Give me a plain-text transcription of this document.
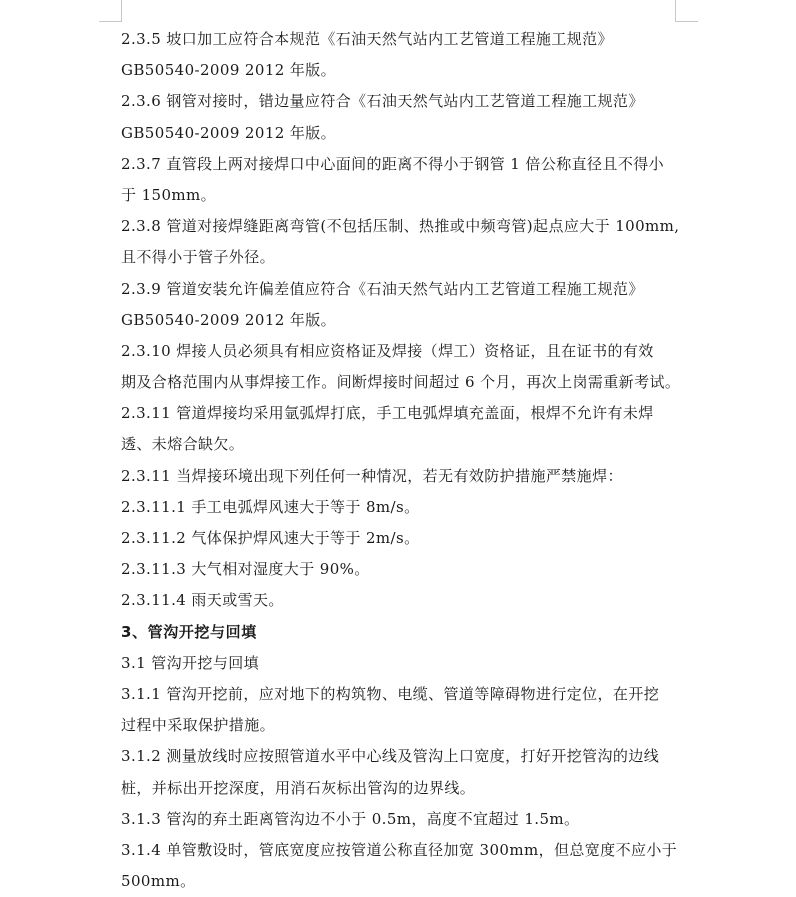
2.3.5 坡口加工应符合本规范《石油天然气站内工艺管道工程施工规范》
GB50540-2009 2012 年版。
2.3.6 钢管对接时，错边量应符合《石油天然气站内工艺管道工程施工规范》
GB50540-2009 2012 年版。
2.3.7 直管段上两对接焊口中心面间的距离不得小于钢管 1 倍公称直径且不得小
于 150mm。
2.3.8 管道对接焊缝距离弯管(不包括压制、热推或中频弯管)起点应大于 100mm,
且不得小于管子外径。
2.3.9 管道安装允许偏差值应符合《石油天然气站内工艺管道工程施工规范》
GB50540-2009 2012 年版。
2.3.10 焊接人员必须具有相应资格证及焊接（焊工）资格证，且在证书的有效
期及合格范围内从事焊接工作。间断焊接时间超过 6 个月，再次上岗需重新考试。
2.3.11 管道焊接均采用氩弧焊打底，手工电弧焊填充盖面，根焊不允许有未焊
透、未熔合缺欠。
2.3.11 当焊接环境出现下列任何一种情况，若无有效防护措施严禁施焊：
2.3.11.1 手工电弧焊风速大于等于 8m/s。
2.3.11.2 气体保护焊风速大于等于 2m/s。
2.3.11.3 大气相对湿度大于 90%。
2.3.11.4 雨天或雪天。
3、管沟开挖与回填
3.1 管沟开挖与回填
3.1.1 管沟开挖前，应对地下的构筑物、电缆、管道等障碍物进行定位，在开挖
过程中采取保护措施。
3.1.2 测量放线时应按照管道水平中心线及管沟上口宽度，打好开挖管沟的边线
桩，并标出开挖深度，用消石灰标出管沟的边界线。
3.1.3 管沟的弃土距离管沟边不小于 0.5m，高度不宜超过 1.5m。
3.1.4 单管敷设时，管底宽度应按管道公称直径加宽 300mm，但总宽度不应小于
500mm。
